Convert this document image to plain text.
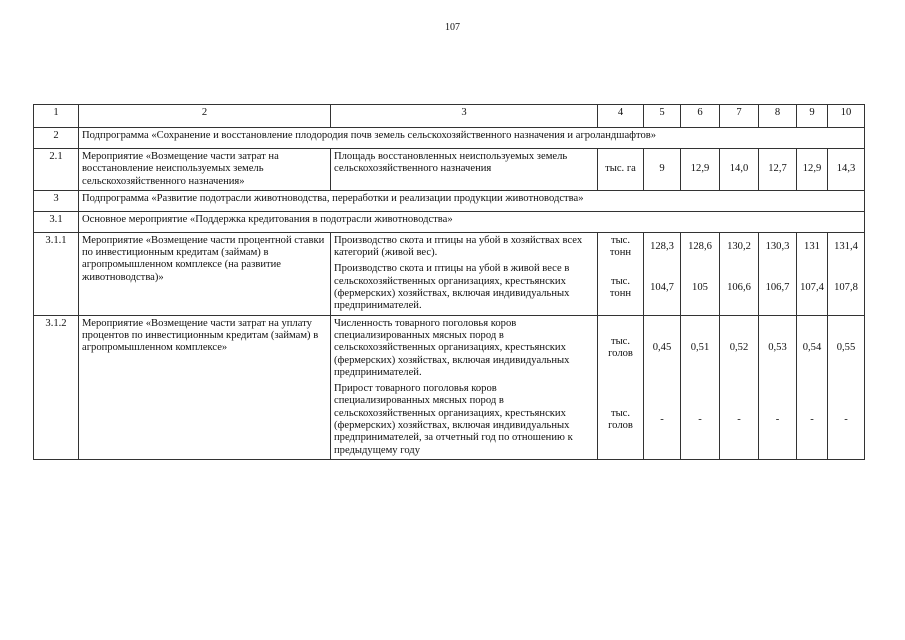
107
1	2	3	4	5	6	7	8	9	10
2	Подпрограмма «Сохранение и восстановление плодородия почв земель сельскохозяйственного назначения и агроландшафтов»								
2.1	Мероприятие «Возмещение части затрат на восстановление неиспользуемых земель сельскохозяйственного назначения»	Площадь восстановленных неиспользуемых земель сельскохозяйственного назначения	тыс. га	9	12,9	14,0	12,7	12,9	14,3
3	Подпрограмма «Развитие подотрасли животноводства, переработки и реализации продукции животноводства»								
3.1	Основное мероприятие «Поддержка кредитования в подотрасли животноводства»								
3.1.1	Мероприятие «Возмещение части процентной ставки по инвестиционным кредитам (займам) в агропромышленном комплексе (на развитие животноводства)»	Производство скота и птицы на убой в хозяйствах всех категорий (живой вес).	тыс. тонн	128,3	128,6	130,2	130,3	131	131,4
		Производство скота и птицы на убой в живой весе в сельскохозяйственных организациях, крестьянских (фермерских) хозяйствах, включая индивидуальных предпринимателей.	тыс. тонн	104,7	105	106,6	106,7	107,4	107,8
3.1.2	Мероприятие «Возмещение части затрат на уплату процентов по инвестиционным кредитам (займам) в агропромышленном комплексе»	Численность товарного поголовья коров специализированных мясных пород в сельскохозяйственных организациях, крестьянских (фермерских) хозяйствах, включая индивидуальных предпринимателей.	тыс. голов	0,45	0,51	0,52	0,53	0,54	0,55
		Прирост товарного поголовья коров специализированных мясных пород в сельскохозяйственных организациях, крестьянских (фермерских) хозяйствах, включая индивидуальных предпринимателей, за отчетный год по отношению к предыдущему году	тыс. голов	-	-	-	-	-	-
